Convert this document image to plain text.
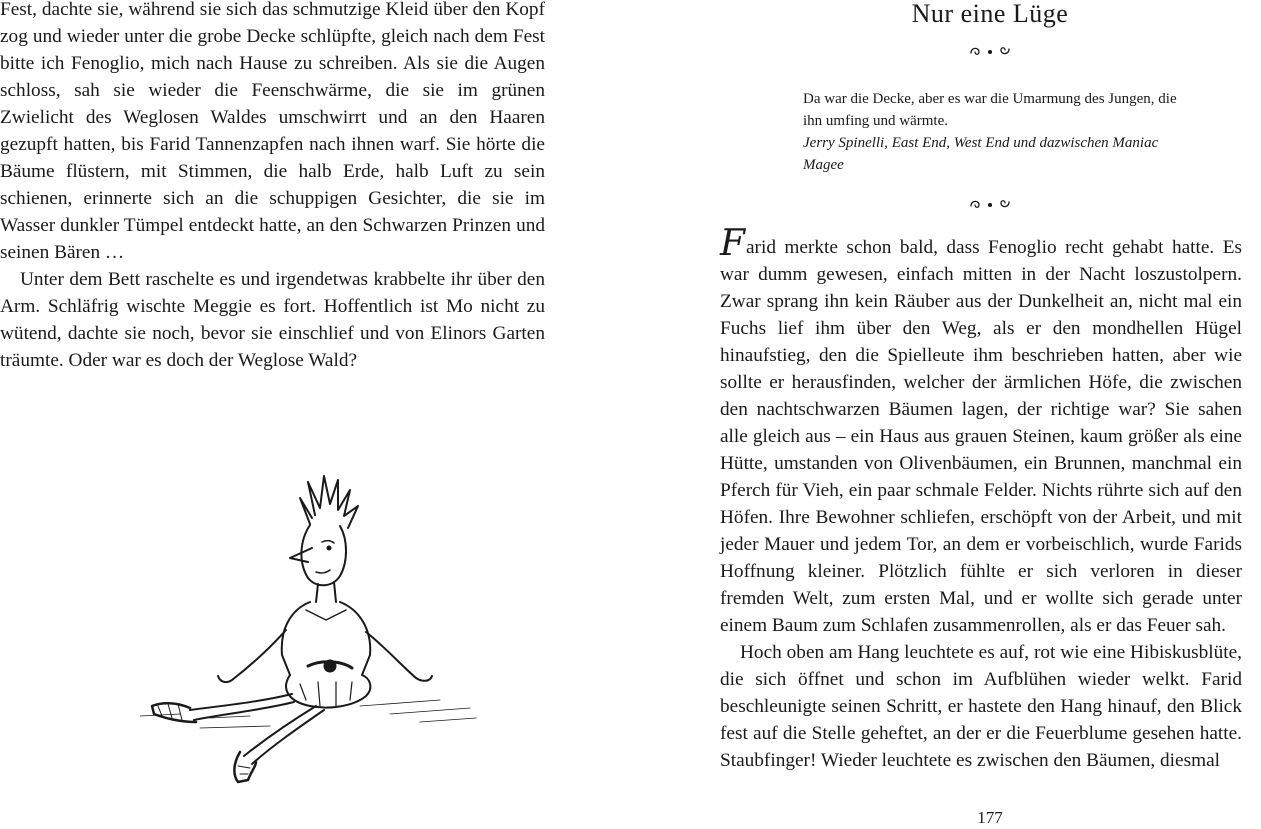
Fest, dachte sie, während sie sich das schmutzige Kleid über den Kopf zog und wieder unter die grobe Decke schlüpfte, gleich nach dem Fest bitte ich Fenoglio, mich nach Hause zu schreiben. Als sie die Augen schloss, sah sie wieder die Feenschwärme, die sie im grünen Zwielicht des Weglosen Waldes umschwirrt und an den Haaren gezupft hatten, bis Farid Tannenzapfen nach ihnen warf. Sie hörte die Bäume flüstern, mit Stimmen, die halb Erde, halb Luft zu sein schienen, erinnerte sich an die schuppigen Gesichter, die sie im Wasser dunkler Tümpel entdeckt hatte, an den Schwarzen Prinzen und seinen Bären …

Unter dem Bett raschelte es und irgendetwas krabbelte ihr über den Arm. Schläfrig wischte Meggie es fort. Hoffentlich ist Mo nicht zu wütend, dachte sie noch, bevor sie einschlief und von Elinors Garten träumte. Oder war es doch der Weglose Wald?

Nur eine Lüge

Da war die Decke, aber es war die Umarmung des Jungen, die ihn umfing und wärmte.

Jerry Spinelli, East End, West End und dazwischen Maniac Magee

Farid merkte schon bald, dass Fenoglio recht gehabt hatte. Es war dumm gewesen, einfach mitten in der Nacht loszustolpern. Zwar sprang ihn kein Räuber aus der Dunkelheit an, nicht mal ein Fuchs lief ihm über den Weg, als er den mondhellen Hügel hinaufstieg, den die Spielleute ihm beschrieben hatten, aber wie sollte er herausfinden, welcher der ärmlichen Höfe, die zwischen den nachtschwarzen Bäumen lagen, der richtige war? Sie sahen alle gleich aus – ein Haus aus grauen Steinen, kaum größer als eine Hütte, umstanden von Olivenbäumen, ein Brunnen, manchmal ein Pferch für Vieh, ein paar schmale Felder. Nichts rührte sich auf den Höfen. Ihre Bewohner schliefen, erschöpft von der Arbeit, und mit jeder Mauer und jedem Tor, an dem er vorbeischlich, wurde Farids Hoffnung kleiner. Plötzlich fühlte er sich verloren in dieser fremden Welt, zum ersten Mal, und er wollte sich gerade unter einem Baum zum Schlafen zusammenrollen, als er das Feuer sah.

Hoch oben am Hang leuchtete es auf, rot wie eine Hibiskusblüte, die sich öffnet und schon im Aufblühen wieder welkt. Farid beschleunigte seinen Schritt, er hastete den Hang hinauf, den Blick fest auf die Stelle geheftet, an der er die Feuerblume gesehen hatte. Staubfinger! Wieder leuchtete es zwischen den Bäumen, diesmal

177
